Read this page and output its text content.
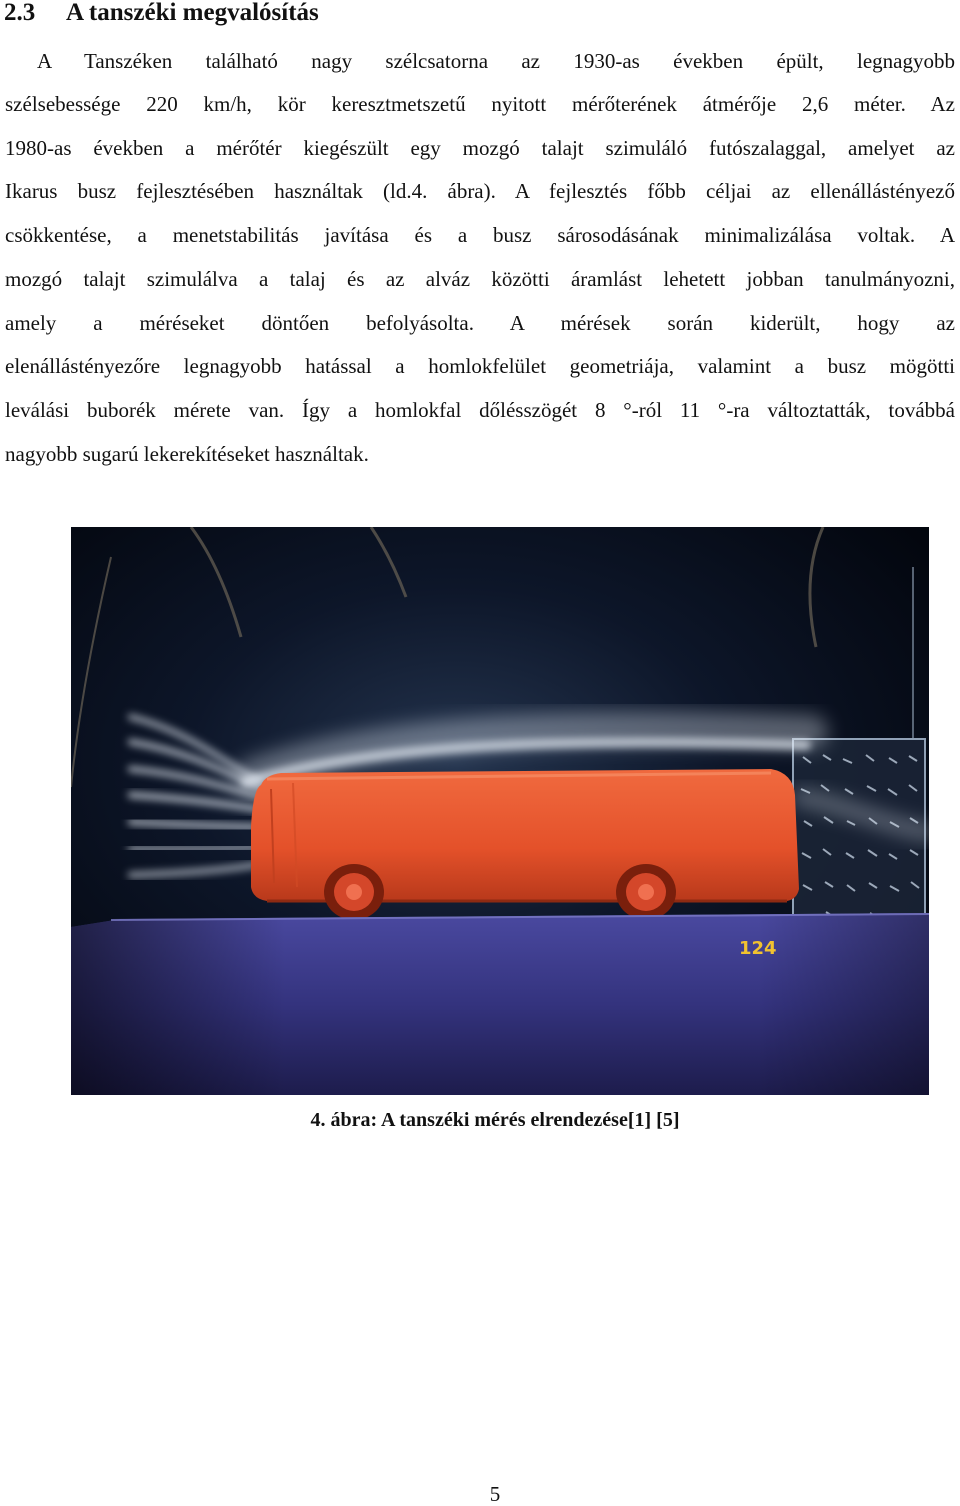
2.3 A tanszéki megvalósítás
A Tanszéken található nagy szélcsatorna az 1930-as években épült, legnagyobb
szélsebessége 220 km/h, kör keresztmetszetű nyitott mérőterének átmérője 2,6 méter. Az
1980-as években a mérőtér kiegészült egy mozgó talajt szimuláló futószalaggal, amelyet az
Ikarus busz fejlesztésében használtak (ld.4. ábra). A fejlesztés főbb céljai az ellenállástényező
csökkentése, a menetstabilitás javítása és a busz sárosodásának minimalizálása voltak. A
mozgó talajt szimulálva a talaj és az alváz közötti áramlást lehetett jobban tanulmányozni,
amely a méréseket döntően befolyásolta. A mérések során kiderült, hogy az
elenállástényezőre legnagyobb hatással a homlokfelület geometriája, valamint a busz mögötti
leválási buborék mérete van. Így a homlokfal dőlésszögét 8 °-ról 11 °-ra változtatták, továbbá
nagyobb sugarú lekerekítéseket használtak.
124
4. ábra: A tanszéki mérés elrendezése[1] [5]
5
